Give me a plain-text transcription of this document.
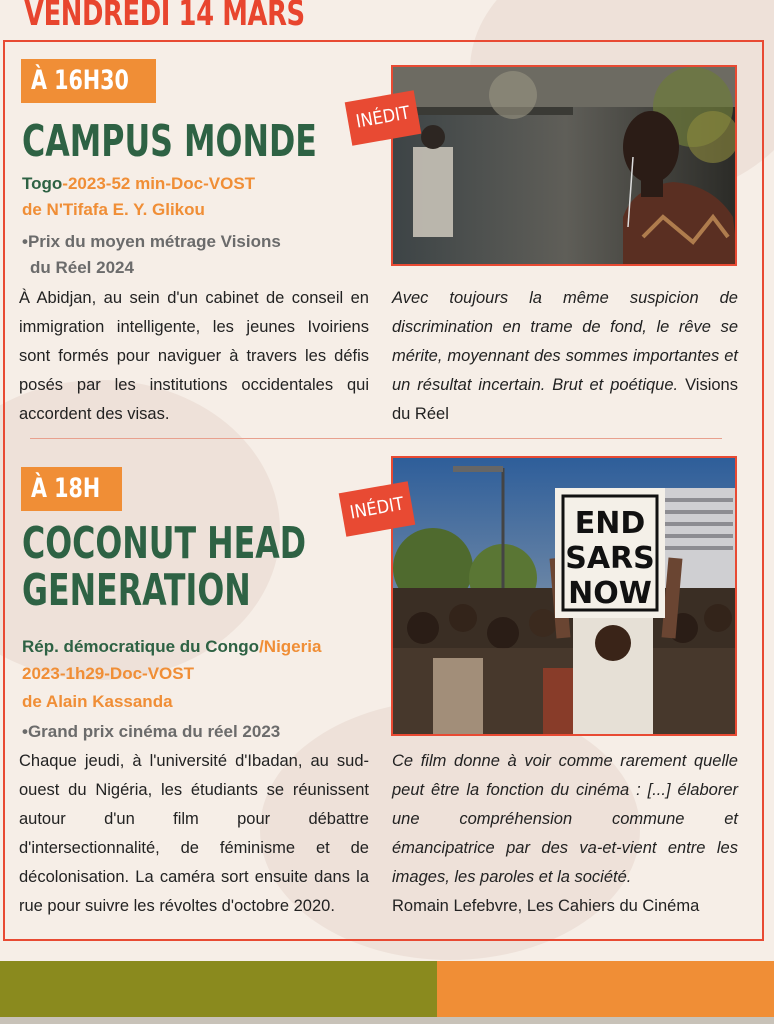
VENDREDI 14 MARS
À 16H30
CAMPUS MONDE
Togo-2023-52 min-Doc-VOST
de N'Tifafa E. Y. Glikou
•Prix du moyen métrage Visions
du Réel 2024
À Abidjan, au sein d'un cabinet de conseil en immigration intelligente, les jeunes Ivoiriens sont formés pour naviguer à travers les défis posés par les institutions occidentales qui accordent des visas.
INÉDIT
Avec toujours la même suspicion de discrimination en trame de fond, le rêve se mérite, moyennant des sommes importantes et un résultat incertain. Brut et poétique. Visions du Réel
À 18H
COCONUT HEAD
GENERATION
Rép. démocratique du Congo/Nigeria
2023-1h29-Doc-VOST
de Alain Kassanda
•Grand prix cinéma du réel 2023
Chaque jeudi, à l'université d'Ibadan, au sud-ouest du Nigéria, les étudiants se réunissent autour d'un film pour débattre d'intersectionnalité, de féminisme et de décolonisation. La caméra sort ensuite dans la rue pour suivre les révoltes d'octobre 2020.
END
SARS
NOW
INÉDIT
Ce film donne à voir comme rarement quelle peut être la fonction du cinéma : [...] élaborer une compréhension commune et émancipatrice par des va-et-vient entre les images, les paroles et la société.
Romain Lefebvre, Les Cahiers du Cinéma
